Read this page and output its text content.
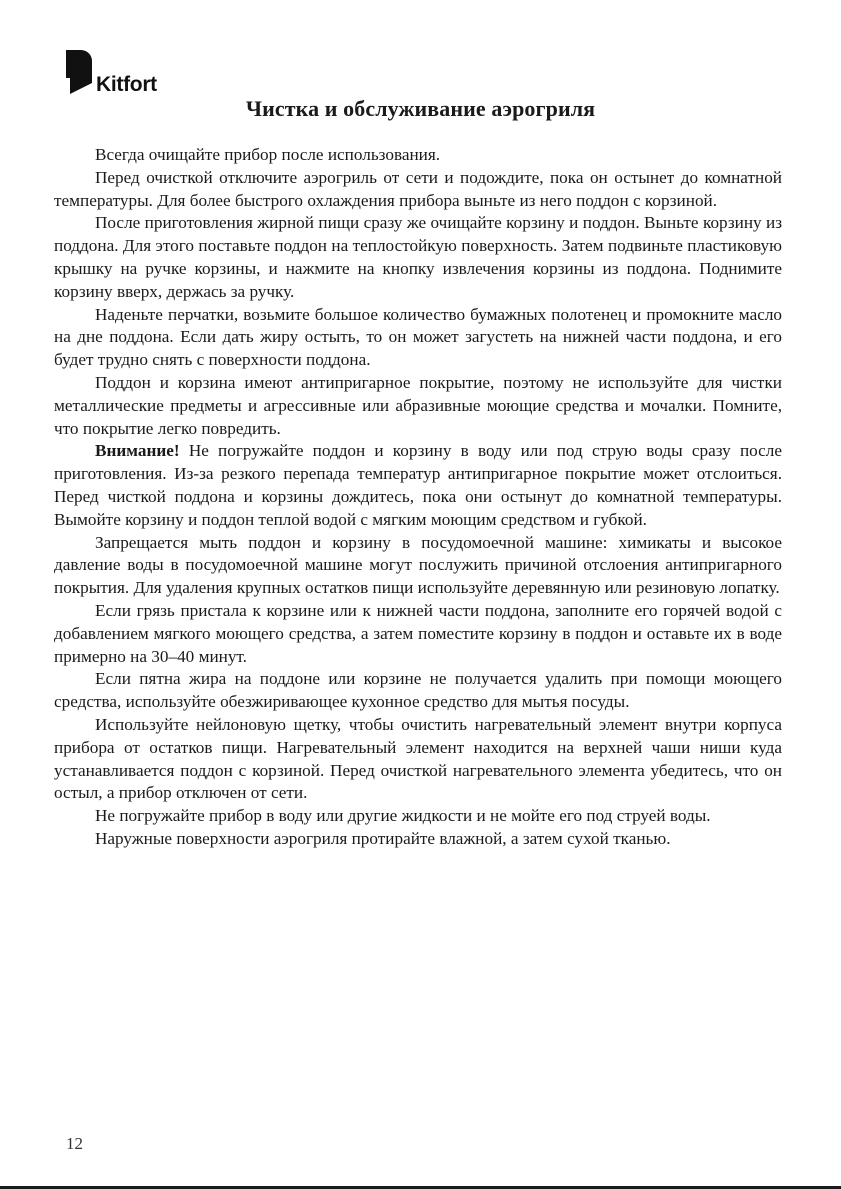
Kitfort
Чистка и обслуживание аэрогриля

Всегда очищайте прибор после использования.

Перед очисткой отключите аэрогриль от сети и подождите, пока он остынет до комнатной температуры. Для более быстрого охлаждения прибора выньте из него поддон с корзиной.

После приготовления жирной пищи сразу же очищайте корзину и поддон. Выньте корзину из поддона. Для этого поставьте поддон на теплостойкую поверхность. Затем подвиньте пластиковую крышку на ручке корзины, и нажмите на кнопку извлечения корзины из поддона. Поднимите корзину вверх, держась за ручку.

Наденьте перчатки, возьмите большое количество бумажных полотенец и промокните масло на дне поддона. Если дать жиру остыть, то он может загустеть на нижней части поддона, и его будет трудно снять с поверхности поддона.

Поддон и корзина имеют антипригарное покрытие, поэтому не используйте для чистки металлические предметы и агрессивные или абразивные моющие средства и мочалки. Помните, что покрытие легко повредить.

Внимание! Не погружайте поддон и корзину в воду или под струю воды сразу после приготовления. Из-за резкого перепада температур антипригарное покрытие может отслоиться. Перед чисткой поддона и корзины дождитесь, пока они остынут до комнатной температуры. Вымойте корзину и поддон теплой водой с мягким моющим средством и губкой.

Запрещается мыть поддон и корзину в посудомоечной машине: химикаты и высокое давление воды в посудомоечной машине могут послужить причиной отслоения антипригарного покрытия. Для удаления крупных остатков пищи используйте деревянную или резиновую лопатку.

Если грязь пристала к корзине или к нижней части поддона, заполните его горячей водой с добавлением мягкого моющего средства, а затем поместите корзину в поддон и оставьте их в воде примерно на 30–40 минут.

Если пятна жира на поддоне или корзине не получается удалить при помощи моющего средства, используйте обезжиривающее кухонное средство для мытья посуды.

Используйте нейлоновую щетку, чтобы очистить нагревательный элемент внутри корпуса прибора от остатков пищи. Нагревательный элемент находится на верхней чаши ниши куда устанавливается поддон с корзиной. Перед очисткой нагревательного элемента убедитесь, что он остыл, а прибор отключен от сети.

Не погружайте прибор в воду или другие жидкости и не мойте его под струей воды.

Наружные поверхности аэрогриля протирайте влажной, а затем сухой тканью.

12
